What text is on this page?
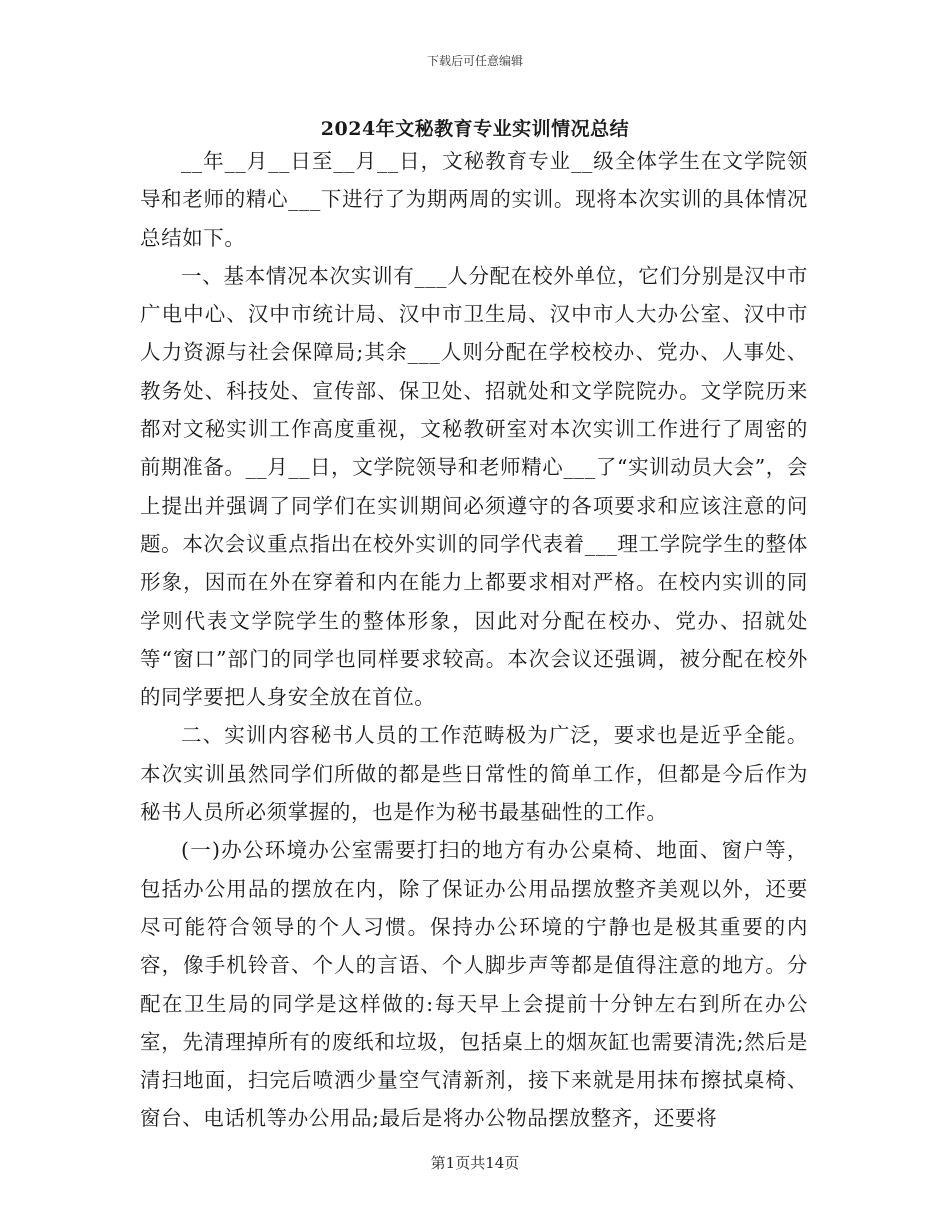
下载后可任意编辑
2024年文秘教育专业实训情况总结

__年__月__日至__月__日，文秘教育专业__级全体学生在文学院领导和老师的精心___下进行了为期两周的实训。现将本次实训的具体情况总结如下。

一、基本情况本次实训有___人分配在校外单位，它们分别是汉中市广电中心、汉中市统计局、汉中市卫生局、汉中市人大办公室、汉中市人力资源与社会保障局;其余___人则分配在学校校办、党办、人事处、教务处、科技处、宣传部、保卫处、招就处和文学院院办。文学院历来都对文秘实训工作高度重视，文秘教研室对本次实训工作进行了周密的前期准备。__月__日，文学院领导和老师精心___了“实训动员大会”，会上提出并强调了同学们在实训期间必须遵守的各项要求和应该注意的问题。本次会议重点指出在校外实训的同学代表着___理工学院学生的整体形象，因而在外在穿着和内在能力上都要求相对严格。在校内实训的同学则代表文学院学生的整体形象，因此对分配在校办、党办、招就处等“窗口”部门的同学也同样要求较高。本次会议还强调，被分配在校外的同学要把人身安全放在首位。

二、实训内容秘书人员的工作范畴极为广泛，要求也是近乎全能。本次实训虽然同学们所做的都是些日常性的简单工作，但都是今后作为秘书人员所必须掌握的，也是作为秘书最基础性的工作。

(一)办公环境办公室需要打扫的地方有办公桌椅、地面、窗户等，包括办公用品的摆放在内，除了保证办公用品摆放整齐美观以外，还要尽可能符合领导的个人习惯。保持办公环境的宁静也是极其重要的内容，像手机铃音、个人的言语、个人脚步声等都是值得注意的地方。分配在卫生局的同学是这样做的:每天早上会提前十分钟左右到所在办公室，先清理掉所有的废纸和垃圾，包括桌上的烟灰缸也需要清洗;然后是清扫地面，扫完后喷洒少量空气清新剂，接下来就是用抹布擦拭桌椅、窗台、电话机等办公用品;最后是将办公物品摆放整齐，还要将

第1页共14页
